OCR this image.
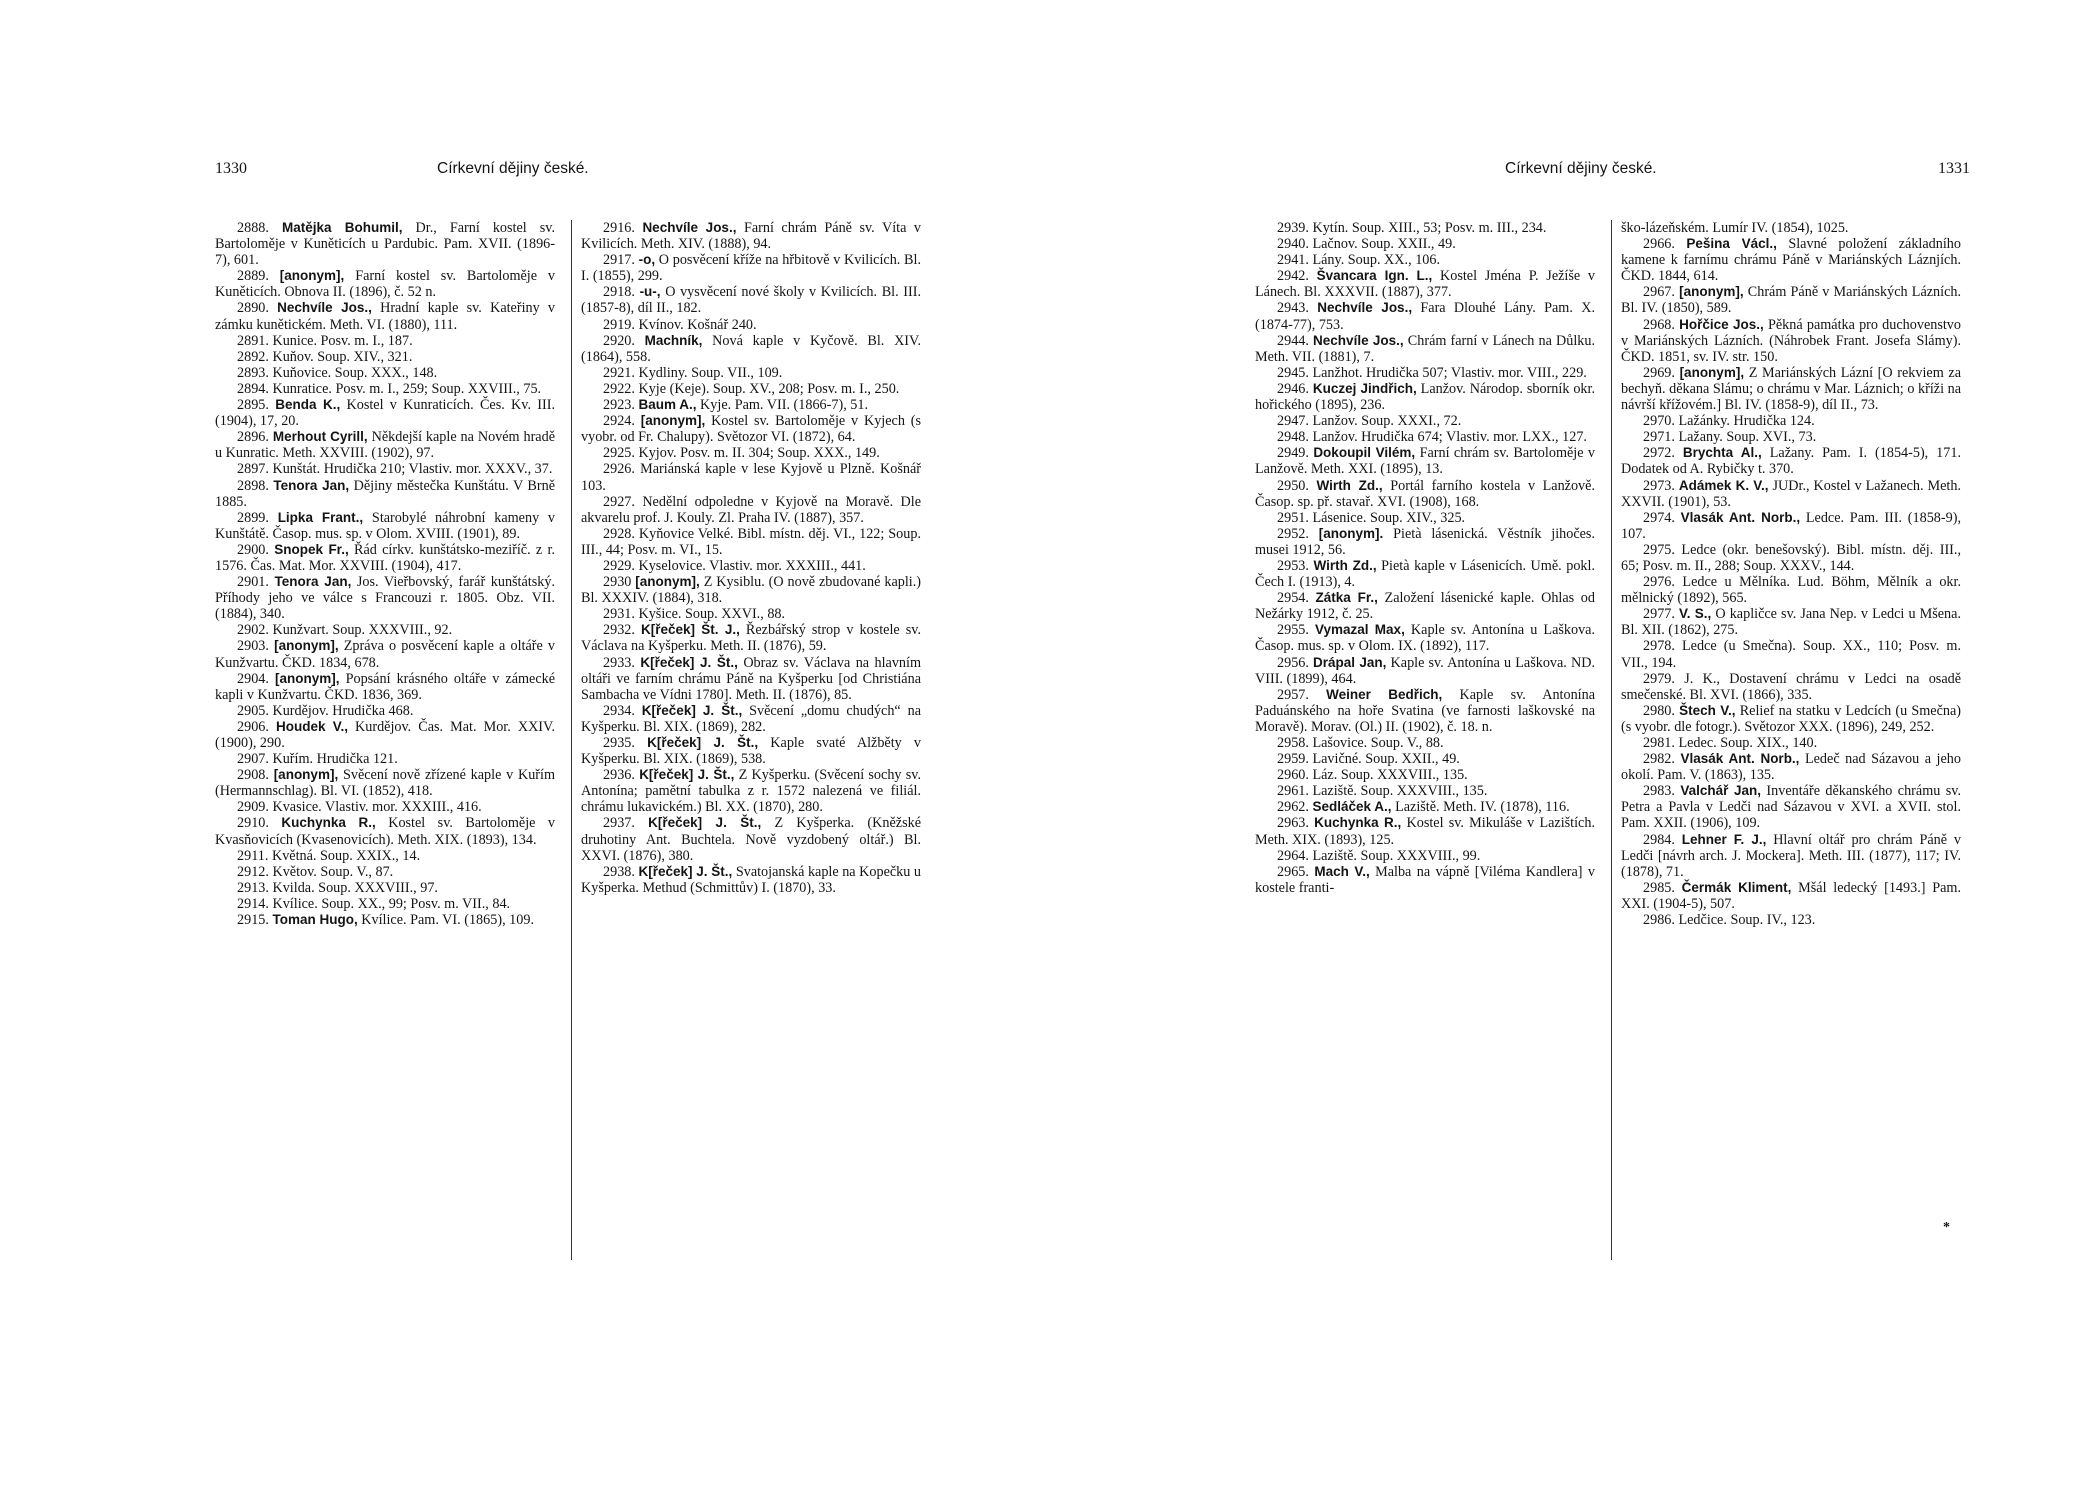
1330	Církevní dějiny české.

2888. Matějka Bohumil, Dr., Farní kostel sv. Bartoloměje v Kuněticích u Pardubic. Pam. XVII. (1896-7), 601.

2889. [anonym], Farní kostel sv. Bartoloměje v Kuněticích. Obnova II. (1896), č. 52 n.

2890. Nechvíle Jos., Hradní kaple sv. Kateřiny v zámku kunětickém. Meth. VI. (1880), 111.

2891. Kunice. Posv. m. I., 187.

2892. Kuňov. Soup. XIV., 321.

2893. Kuňovice. Soup. XXX., 148.

2894. Kunratice. Posv. m. I., 259; Soup. XXVIII., 75.

2895. Benda K., Kostel v Kunraticích. Čes. Kv. III. (1904), 17, 20.

2896. Merhout Cyrill, Někdejší kaple na Novém hradě u Kunratic. Meth. XXVIII. (1902), 97.

2897. Kunštát. Hrudička 210; Vlastiv. mor. XXXV., 37.

2898. Tenora Jan, Dějiny městečka Kunštátu. V Brně 1885.

2899. Lipka Frant., Starobylé náhrobní kameny v Kunštátě. Časop. mus. sp. v Olom. XVIII. (1901), 89.

2900. Snopek Fr., Řád církv. kunštátsko-meziříč. z r. 1576. Čas. Mat. Mor. XXVIII. (1904), 417.

2901. Tenora Jan, Jos. Vieřbovský, farář kunštátský. Příhody jeho ve válce s Francouzi r. 1805. Obz. VII. (1884), 340.

2902. Kunžvart. Soup. XXXVIII., 92.

2903. [anonym], Zpráva o posvěcení kaple a oltáře v Kunžvartu. ČKD. 1834, 678.

2904. [anonym], Popsání krásného oltáře v zámecké kapli v Kunžvartu. ČKD. 1836, 369.

2905. Kurdějov. Hrudička 468.

2906. Houdek V., Kurdějov. Čas. Mat. Mor. XXIV. (1900), 290.

2907. Kuřím. Hrudička 121.

2908. [anonym], Svěcení nově zřízené kaple v Kuřím (Hermannschlag). Bl. VI. (1852), 418.

2909. Kvasice. Vlastiv. mor. XXXIII., 416.

2910. Kuchynka R., Kostel sv. Bartoloměje v Kvasňovicích (Kvasenovicích). Meth. XIX. (1893), 134.

2911. Květná. Soup. XXIX., 14.

2912. Květov. Soup. V., 87.

2913. Kvilda. Soup. XXXVIII., 97.

2914. Kvílice. Soup. XX., 99; Posv. m. VII., 84.

2915. Toman Hugo, Kvílice. Pam. VI. (1865), 109.

2916. Nechvíle Jos., Farní chrám Páně sv. Víta v Kvilicích. Meth. XIV. (1888), 94.

2917. -o, O posvěcení kříže na hřbitově v Kvilicích. Bl. I. (1855), 299.

2918. -u-, O vysvěcení nové školy v Kvilicích. Bl. III. (1857-8), díl II., 182.

2919. Kvínov. Košnář 240.

2920. Machník, Nová kaple v Kyčově. Bl. XIV. (1864), 558.

2921. Kydliny. Soup. VII., 109.

2922. Kyje (Keje). Soup. XV., 208; Posv. m. I., 250.

2923. Baum A., Kyje. Pam. VII. (1866-7), 51.

2924. [anonym], Kostel sv. Bartoloměje v Kyjech (s vyobr. od Fr. Chalupy). Světozor VI. (1872), 64.

2925. Kyjov. Posv. m. II. 304; Soup. XXX., 149.

2926. Mariánská kaple v lese Kyjově u Plzně. Košnář 103.

2927. Nedělní odpoledne v Kyjově na Moravě. Dle akvarelu prof. J. Kouly. Zl. Praha IV. (1887), 357.

2928. Kyňovice Velké. Bibl. místn. děj. VI., 122; Soup. III., 44; Posv. m. VI., 15.

2929. Kyselovice. Vlastiv. mor. XXXIII., 441.

2930 [anonym], Z Kysiblu. (O nově zbudované kapli.) Bl. XXXIV. (1884), 318.

2931. Kyšice. Soup. XXVI., 88.

2932. K[řeček] Št. J., Řezbářský strop v kostele sv. Václava na Kyšperku. Meth. II. (1876), 59.

2933. K[řeček] J. Št., Obraz sv. Václava na hlavním oltáři ve farním chrámu Páně na Kyšperku [od Christiána Sambacha ve Vídni 1780]. Meth. II. (1876), 85.

2934. K[řeček] J. Št., Svěcení „domu chudých“ na Kyšperku. Bl. XIX. (1869), 282.

2935. K[řeček] J. Št., Kaple svaté Alžběty v Kyšperku. Bl. XIX. (1869), 538.

2936. K[řeček] J. Št., Z Kyšperku. (Svěcení sochy sv. Antonína; pamětní tabulka z r. 1572 nalezená ve filiál. chrámu lukavickém.) Bl. XX. (1870), 280.

2937. K[řeček] J. Št., Z Kyšperka. (Kněžské druhotiny Ant. Buchtela. Nově vyzdobený oltář.) Bl. XXVI. (1876), 380.

2938. K[řeček] J. Št., Svatojanská kaple na Kopečku u Kyšperka. Methud (Schmittův) I. (1870), 33.

Církevní dějiny české.	1331

2939. Kytín. Soup. XIII., 53; Posv. m. III., 234.

2940. Lačnov. Soup. XXII., 49.

2941. Lány. Soup. XX., 106.

2942. Švancara Ign. L., Kostel Jména P. Ježíše v Lánech. Bl. XXXVII. (1887), 377.

2943. Nechvíle Jos., Fara Dlouhé Lány. Pam. X. (1874-77), 753.

2944. Nechvíle Jos., Chrám farní v Lánech na Důlku. Meth. VII. (1881), 7.

2945. Lanžhot. Hrudička 507; Vlastiv. mor. VIII., 229.

2946. Kuczej Jindřich, Lanžov. Národop. sborník okr. hořického (1895), 236.

2947. Lanžov. Soup. XXXI., 72.

2948. Lanžov. Hrudička 674; Vlastiv. mor. LXX., 127.

2949. Dokoupil Vilém, Farní chrám sv. Bartoloměje v Lanžově. Meth. XXI. (1895), 13.

2950. Wirth Zd., Portál farního kostela v Lanžově. Časop. sp. př. stavař. XVI. (1908), 168.

2951. Lásenice. Soup. XIV., 325.

2952. [anonym]. Pietà lásenická. Věstník jihočes. musei 1912, 56.

2953. Wirth Zd., Pietà kaple v Lásenicích. Umě. pokl. Čech I. (1913), 4.

2954. Zátka Fr., Založení lásenické kaple. Ohlas od Nežárky 1912, č. 25.

2955. Vymazal Max, Kaple sv. Antonína u Laškova. Časop. mus. sp. v Olom. IX. (1892), 117.

2956. Drápal Jan, Kaple sv. Antonína u Laškova. ND. VIII. (1899), 464.

2957. Weiner Bedřich, Kaple sv. Antonína Paduánského na hoře Svatina (ve farnosti laškovské na Moravě). Morav. (Ol.) II. (1902), č. 18. n.

2958. Lašovice. Soup. V., 88.

2959. Lavičné. Soup. XXII., 49.

2960. Láz. Soup. XXXVIII., 135.

2961. Laziště. Soup. XXXVIII., 135.

2962. Sedláček A., Laziště. Meth. IV. (1878), 116.

2963. Kuchynka R., Kostel sv. Mikuláše v Lazištích. Meth. XIX. (1893), 125.

2964. Laziště. Soup. XXXVIII., 99.

2965. Mach V., Malba na vápně [Viléma Kandlera] v kostele franti-

ško-lázeňském. Lumír IV. (1854), 1025.

2966. Pešina Václ., Slavné položení základního kamene k farnímu chrámu Páně v Mariánských Láznjích. ČKD. 1844, 614.

2967. [anonym], Chrám Páně v Mariánských Lázních. Bl. IV. (1850), 589.

2968. Hořčice Jos., Pěkná památka pro duchovenstvo v Mariánských Lázních. (Náhrobek Frant. Josefa Slámy). ČKD. 1851, sv. IV. str. 150.

2969. [anonym], Z Mariánských Lázní [O rekviem za bechyň. děkana Slámu; o chrámu v Mar. Láznich; o kříži na návrší křížovém.] Bl. IV. (1858-9), díl II., 73.

2970. Lažánky. Hrudička 124.

2971. Lažany. Soup. XVI., 73.

2972. Brychta Al., Lažany. Pam. I. (1854-5), 171. Dodatek od A. Rybičky t. 370.

2973. Adámek K. V., JUDr., Kostel v Lažanech. Meth. XXVII. (1901), 53.

2974. Vlasák Ant. Norb., Ledce. Pam. III. (1858-9), 107.

2975. Ledce (okr. benešovský). Bibl. místn. děj. III., 65; Posv. m. II., 288; Soup. XXXV., 144.

2976. Ledce u Mělníka. Lud. Böhm, Mělník a okr. mělnický (1892), 565.

2977. V. S., O kapličce sv. Jana Nep. v Ledci u Mšena. Bl. XII. (1862), 275.

2978. Ledce (u Smečna). Soup. XX., 110; Posv. m. VII., 194.

2979. J. K., Dostavení chrámu v Ledci na osadě smečenské. Bl. XVI. (1866), 335.

2980. Štech V., Relief na statku v Ledcích (u Smečna) (s vyobr. dle fotogr.). Světozor XXX. (1896), 249, 252.

2981. Ledec. Soup. XIX., 140.

2982. Vlasák Ant. Norb., Ledeč nad Sázavou a jeho okolí. Pam. V. (1863), 135.

2983. Valchář Jan, Inventáře děkanského chrámu sv. Petra a Pavla v Ledči nad Sázavou v XVI. a XVII. stol. Pam. XXII. (1906), 109.

2984. Lehner F. J., Hlavní oltář pro chrám Páně v Ledči [návrh arch. J. Mockera]. Meth. III. (1877), 117; IV. (1878), 71.

2985. Čermák Kliment, Mšál ledecký [1493.] Pam. XXI. (1904-5), 507.

2986. Ledčice. Soup. IV., 123.

*
